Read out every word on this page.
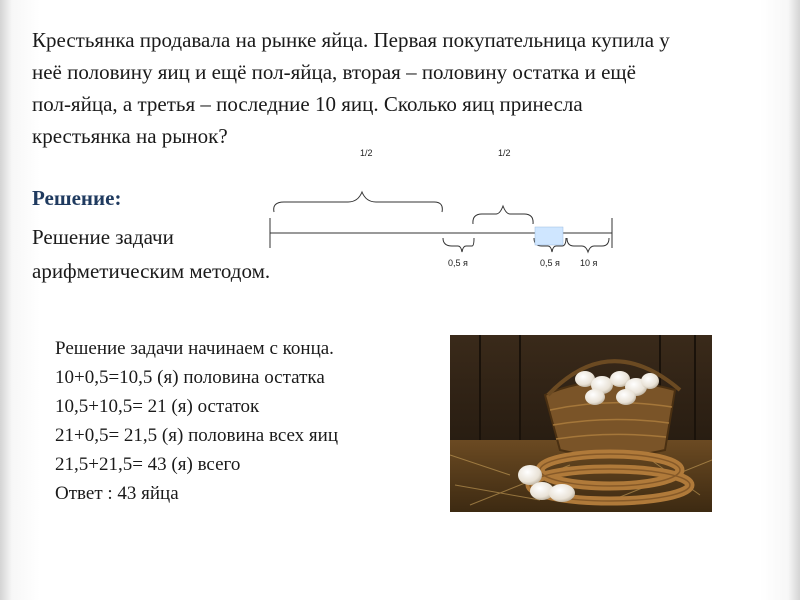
Крестьянка продавала на рынке яйца. Первая покупательница купила у
неё половину яиц и ещё пол-яйца, вторая – половину остатка и ещё
пол-яйца, а третья – последние 10 яиц. Сколько яиц принесла
крестьянка на рынок?

Решение:

Решение задачи
арифметическим методом.

1/2	1/2
0,5 я	0,5 я 10 я

Решение задачи начинаем с конца.
10+0,5=10,5 (я) половина остатка
10,5+10,5= 21 (я) остаток
21+0,5= 21,5 (я) половина всех яиц
21,5+21,5= 43 (я) всего
Ответ : 43 яйца
